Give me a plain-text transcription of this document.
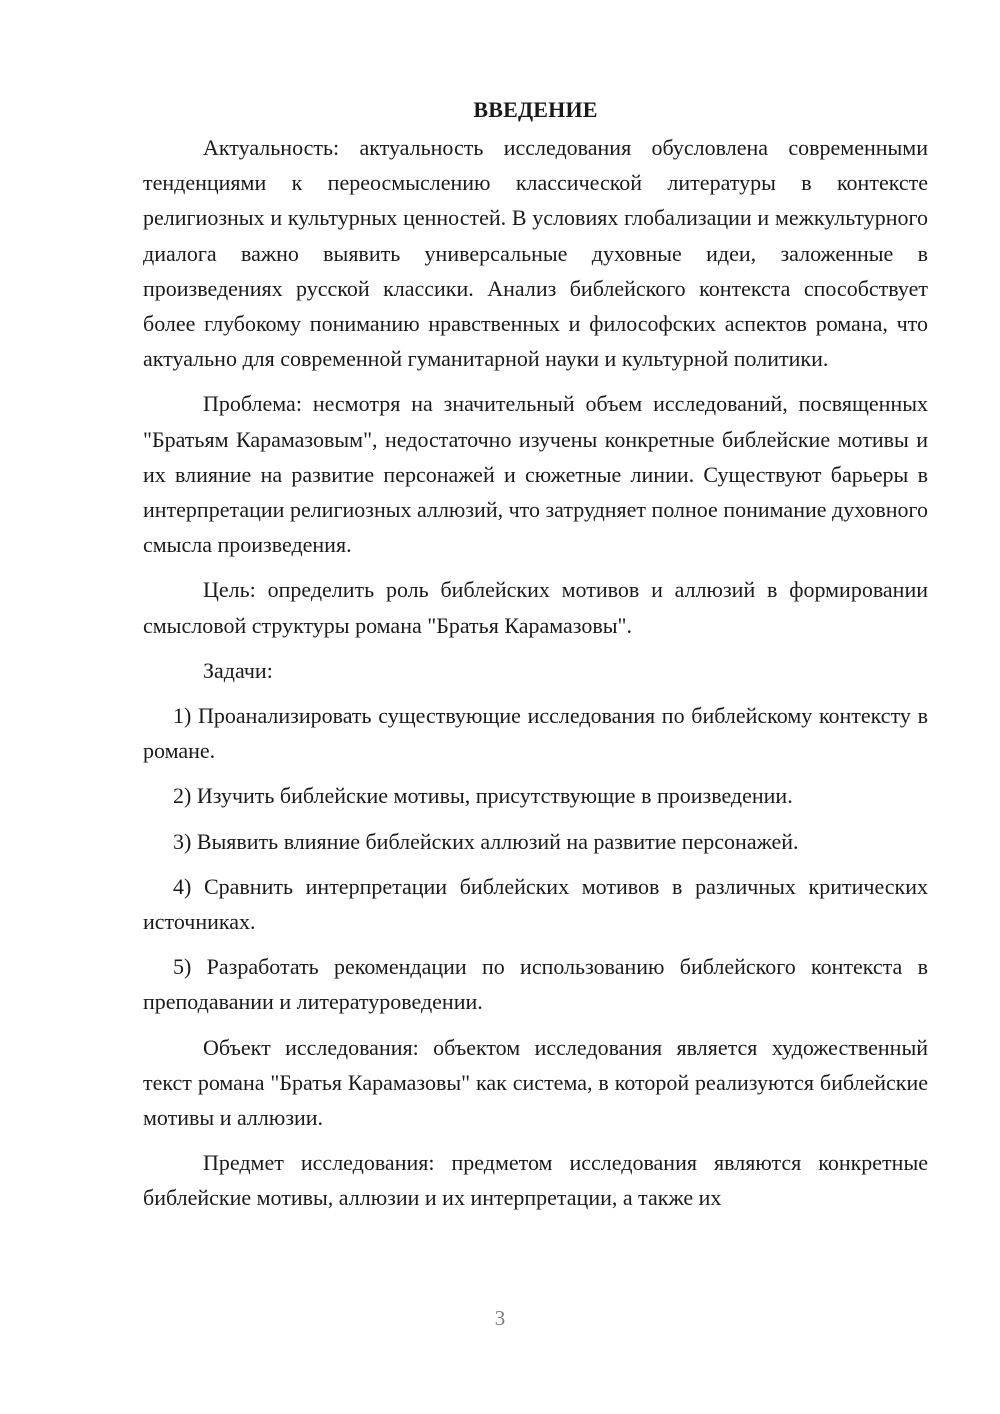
ВВЕДЕНИЕ

Актуальность: актуальность исследования обусловлена современными тенденциями к переосмыслению классической литературы в контексте религиозных и культурных ценностей. В условиях глобализации и межкультурного диалога важно выявить универсальные духовные идеи, заложенные в произведениях русской классики. Анализ библейского контекста способствует более глубокому пониманию нравственных и философских аспектов романа, что актуально для современной гуманитарной науки и культурной политики.

Проблема: несмотря на значительный объем исследований, посвященных "Братьям Карамазовым", недостаточно изучены конкретные библейские мотивы и их влияние на развитие персонажей и сюжетные линии. Существуют барьеры в интерпретации религиозных аллюзий, что затрудняет полное понимание духовного смысла произведения.

Цель: определить роль библейских мотивов и аллюзий в формировании смысловой структуры романа "Братья Карамазовы".

Задачи:

1) Проанализировать существующие исследования по библейскому контексту в романе.

2) Изучить библейские мотивы, присутствующие в произведении.

3) Выявить влияние библейских аллюзий на развитие персонажей.

4) Сравнить интерпретации библейских мотивов в различных критических источниках.

5) Разработать рекомендации по использованию библейского контекста в преподавании и литературоведении.

Объект исследования: объектом исследования является художественный текст романа "Братья Карамазовы" как система, в которой реализуются библейские мотивы и аллюзии.

Предмет исследования: предметом исследования являются конкретные библейские мотивы, аллюзии и их интерпретации, а также их

3
